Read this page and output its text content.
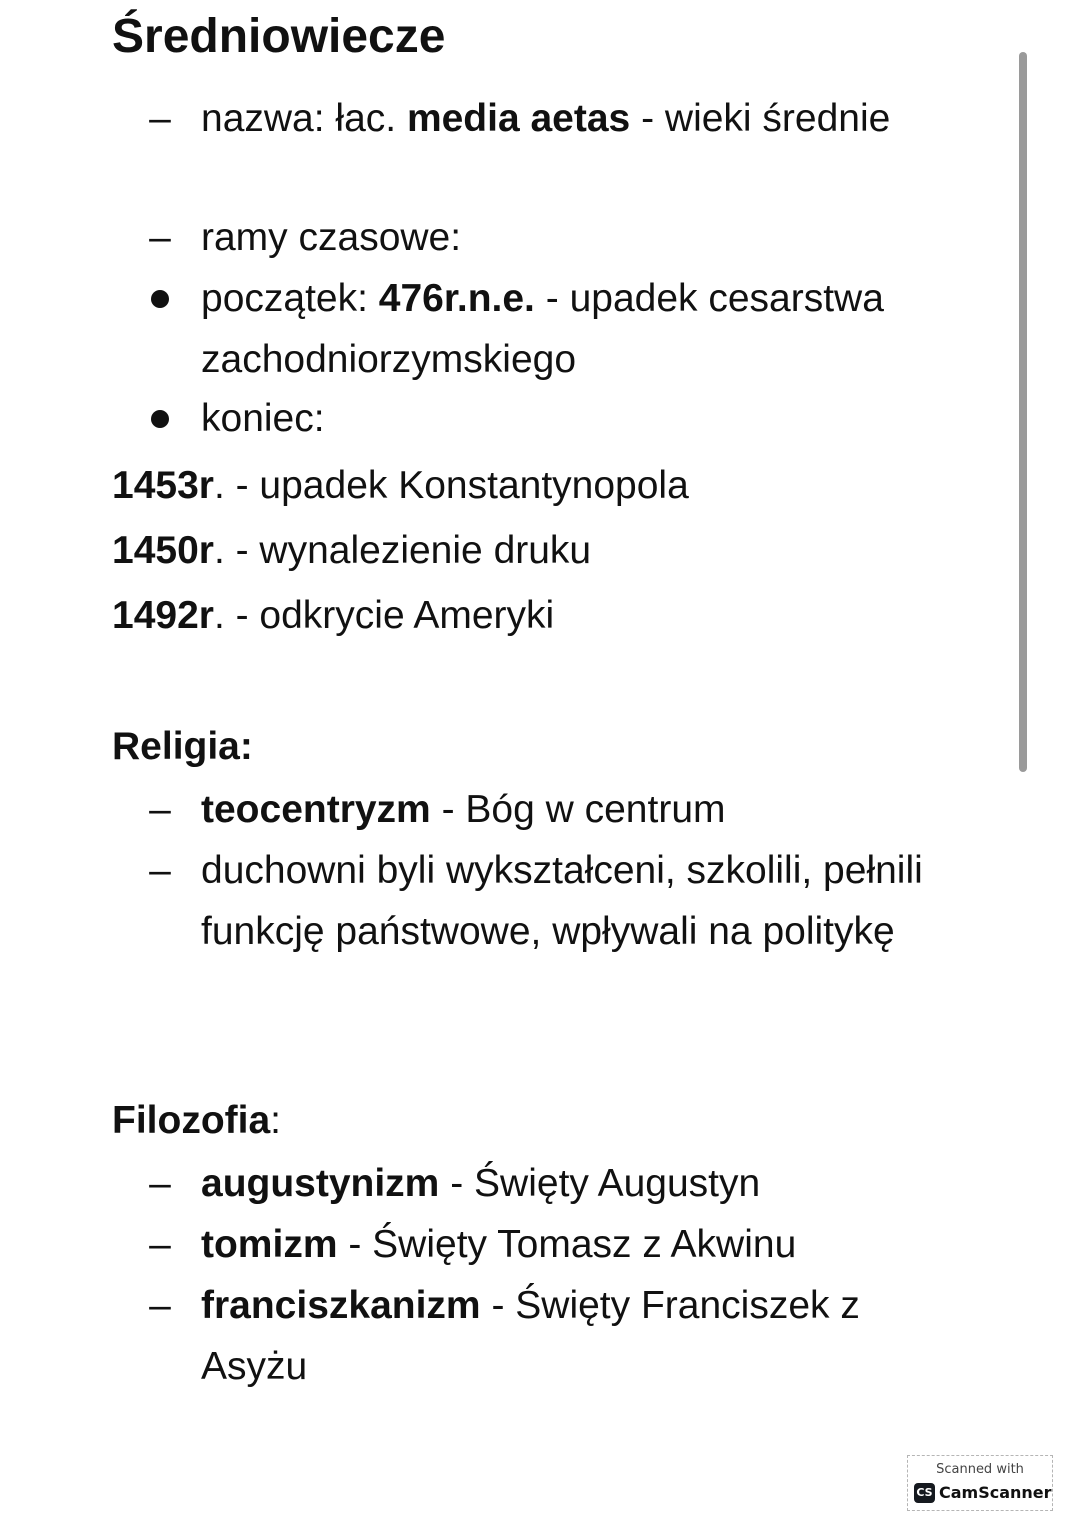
Średniowiecze
– nazwa: łac. media aetas - wieki średnie
– ramy czasowe:
początek: 476r.n.e. - upadek cesarstwa zachodniorzymskiego
koniec:
1453r. - upadek Konstantynopola
1450r. - wynalezienie druku
1492r. - odkrycie Ameryki
Religia:
– teocentryzm - Bóg w centrum
– duchowni byli wykształceni, szkolili, pełnili funkcję państwowe, wpływali na politykę
Filozofia:
– augustynizm - Święty Augustyn
– tomizm - Święty Tomasz z Akwinu
– franciszkanizm - Święty Franciszek z Asyżu
Scanned with
CS CamScanner
